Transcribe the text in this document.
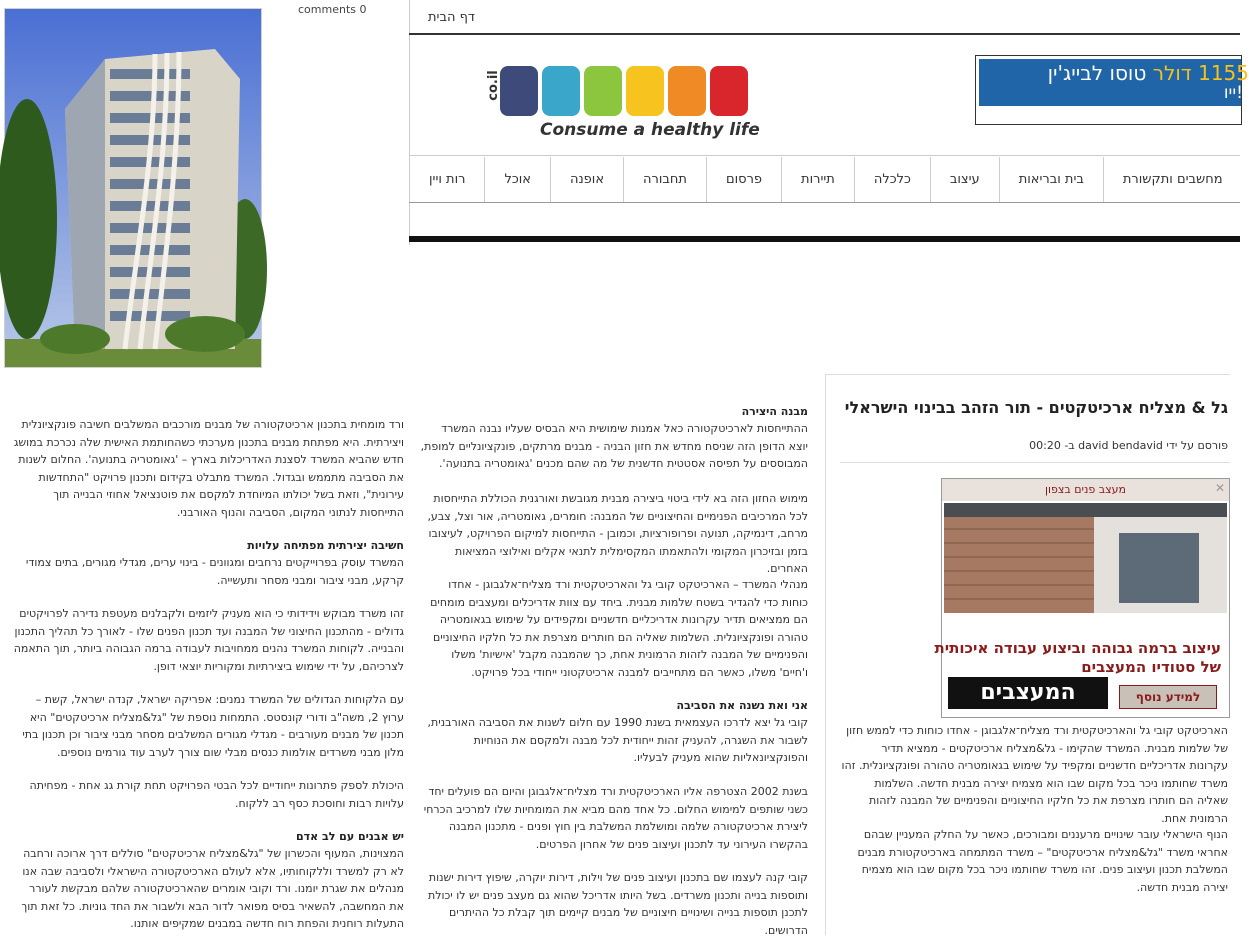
comments 0
דף הבית
co.il
Consume a healthy life
1155 דולר טוסו לבייג'ין
ייו!
מחשבים ותקשורת
בית ובריאות
עיצוב
כלכלה
תיירות
פרסום
תחבורה
אופנה
אוכל
רות ויין
גל & מצליח ארכיטקטים - תור הזהב בבינוי הישראלי
פורסם על ידי david bendavid ב- 00:20
מעצב פנים בצפון	✕
עיצוב ברמה גבוהה וביצוע עבודה איכותית
של סטודיו המעצבים
המעצבים	למידע נוסף
הארכיטקט קובי גל והארכיטקטית ורד מצליח־אלגבוגן - אחדו כוחות כדי לממש חזון של שלמות מבנית. המשרד שהקימו - גל&מצליח ארכיטקטים - ממציא תדיר עקרונות אדריכליים חדשניים ומקפיד על שימוש בגאומטריה טהורה ופונקציונלית. זהו משרד שחותמו ניכר בכל מקום שבו הוא מצמיח יצירה מבנית חדשה. השלמות שאליה הם חותרו מצרפת את כל חלקיו החיצוניים והפנימיים של המבנה לזהות הרמונית אחת.
הנוף הישראלי עובר שינויים מרעננים ומבורכים, כאשר על החלק המעניין שבהם אחראי משרד "גל&מצליח ארכיטקטים" – משרד המתמחה בארכיטקטורת מבנים המשלבת תכנון ועיצוב פנים. זהו משרד שחותמו ניכר בכל מקום שבו הוא מצמיח יצירה מבנית חדשה.
מבנה היצירה
ההתייחסות לארכיטקטורה כאל אמנות שימושית היא הבסיס שעליו נבנה המשרד יוצא הדופן הזה שניסח מחדש את חזון הבניה - מבנים מרתקים, פונקציונליים למופת, המבוססים על תפיסה אסטטית חדשנית של מה שהם מכנים 'גאומטריה בתנועה'.
מימוש החזון הזה בא לידי ביטוי ביצירה מבנית מגובשת ואורגנית הכוללת התייחסות לכל המרכיבים הפנימיים והחיצוניים של המבנה: חומרים, גאומטריה, אור וצל, צבע, מרחב, דינמיקה, תנועה ופרופורציות, וכמובן - התייחסות למיקום הפרויקט, לעיצובו בזמן ובזיכרון המקומי ולהתאמתו המקסימלית לתנאי אקלים ואילוצי המציאות האחרים.
מנהלי המשרד – הארכיטקט קובי גל והארכיטקטית ורד מצליח־אלגבוגן - אחדו כוחות כדי להגדיר בשטח שלמות מבנית. ביחד עם צוות אדריכלים ומעצבים מומחים הם ממציאים תדיר עקרונות אדריכליים חדשניים ומקפידים על שימוש בגאומטריה טהורה ופונקציונלית. השלמות שאליה הם חותרים מצרפת את כל חלקיו החיצוניים והפנימיים של המבנה לזהות הרמונית אחת, כך שהמבנה מקבל 'אישיות' משלו ו'חיים' משלו, כאשר הם מתחייבים למבנה ארכיטקטוני ייחודי בכל פרויקט.
אני ואת נשנה את הסביבה
קובי גל יצא לדרכו העצמאית בשנת 1990 עם חלום לשנות את הסביבה האורבנית, לשבור את השגרה, להעניק זהות ייחודית לכל מבנה ולמקסם את הנוחיות והפונקציונאליות שהוא מעניק לבעליו.
בשנת 2002 הצטרפה אליו הארכיטקטית ורד מצליח־אלגבוגן והיום הם פועלים יחד כשני שותפים למימוש החלום. כל אחד מהם מביא את המומחיות שלו למרכיב הכרחי ליצירת ארכיטקטורה שלמה ומושלמת המשלבת בין חוץ ופנים - מתכנון המבנה בהקשרו העירוני עד לתכנון ועיצוב פנים של אחרון הפרטים.
קובי קנה לעצמו שם בתכנון ועיצוב פנים של וילות, דירות יוקרה, שיפוץ דירות ישנות ותוספות בנייה ותכנון משרדים. בשל היותו אדריכל שהוא גם מעצב פנים יש לו יכולת לתכנן תוספות בנייה ושינויים חיצוניים של מבנים קיימים תוך קבלת כל ההיתרים הדרושים.
ורד מומחית בתכנון ארכיטקטורה של מבנים מורכבים המשלבים חשיבה פונקציונלית ויצירתית. היא מפתחת מבנים בתכנון מערכתי כשהחותמת האישית שלה נכרכת במושג חדש שהביא המשרד לסצנת האדריכלות בארץ – 'גאומטריה בתנועה'. החלום לשנות את הסביבה מתממש ובגדול. המשרד מתבלט בקידום ותכנון פרויקט "התחדשות עירונית", וזאת בשל יכולתו המיוחדת למקסם את פוטנציאל אחוזי הבנייה תוך התייחסות לנתוני המקום, הסביבה והנוף האורבני.
חשיבה יצירתית מפתיחה עלויות
המשרד עוסק בפרוייקטים נרחבים ומגוונים - בינוי ערים, מגדלי מגורים, בתים צמודי קרקע, מבני ציבור ומבני מסחר ותעשייה.
זהו משרד מבוקש וידידותי כי הוא מעניק ליזמים ולקבלנים מעטפת נדירה לפרויקטים גדולים - מהתכנון החיצוני של המבנה ועד תכנון הפנים שלו - לאורך כל תהליך התכנון והבנייה. לקוחות המשרד נהנים ממחויבות לעבודה ברמה הגבוהה ביותר, תוך התאמה לצרכיהם, על ידי שימוש ביצירתיות ומקוריות יוצאי דופן.
עם הלקוחות הגדולים של המשרד נמנים: אפריקה ישראל, קנדה ישראל, קשת – ערוץ 2, משה"ב ודורי קונסטס. התמחות נוספת של "גל&מצליח ארכיטקטים" היא תכנון של מבנים מעורבים - מגדלי מגורים המשלבים מסחר מבני ציבור וכן תכנון בתי מלון מבני משרדים אולמות כנסים מבלי שום צורך לערב עוד גורמים נוספים.
היכולת לספק פתרונות ייחודיים לכל הבטי הפרויקט תחת קורת גג אחת - מפחיתה עלויות רבות וחוסכת כסף רב ללקוח.
יש אבנים עם לב אדם
המצוינות, המעוף והכשרון של "גל&מצליח ארכיטקטים" סוללים דרך ארוכה ורחבה לא רק למשרד וללקוחותיו, אלא לעולם הארכיטקטורה הישראלי ולסביבה שבה אנו מנהלים את שגרת יומנו. ורד וקובי אומרים שהארכיטקטורה שלהם מבקשת לעורר את המחשבה, להשאיר בסיס מפואר לדור הבא ולשבור את החד גוניות. כל זאת תוך התעלות רוחנית והפחת רוח חדשה במבנים שמקיפים אותנו.
